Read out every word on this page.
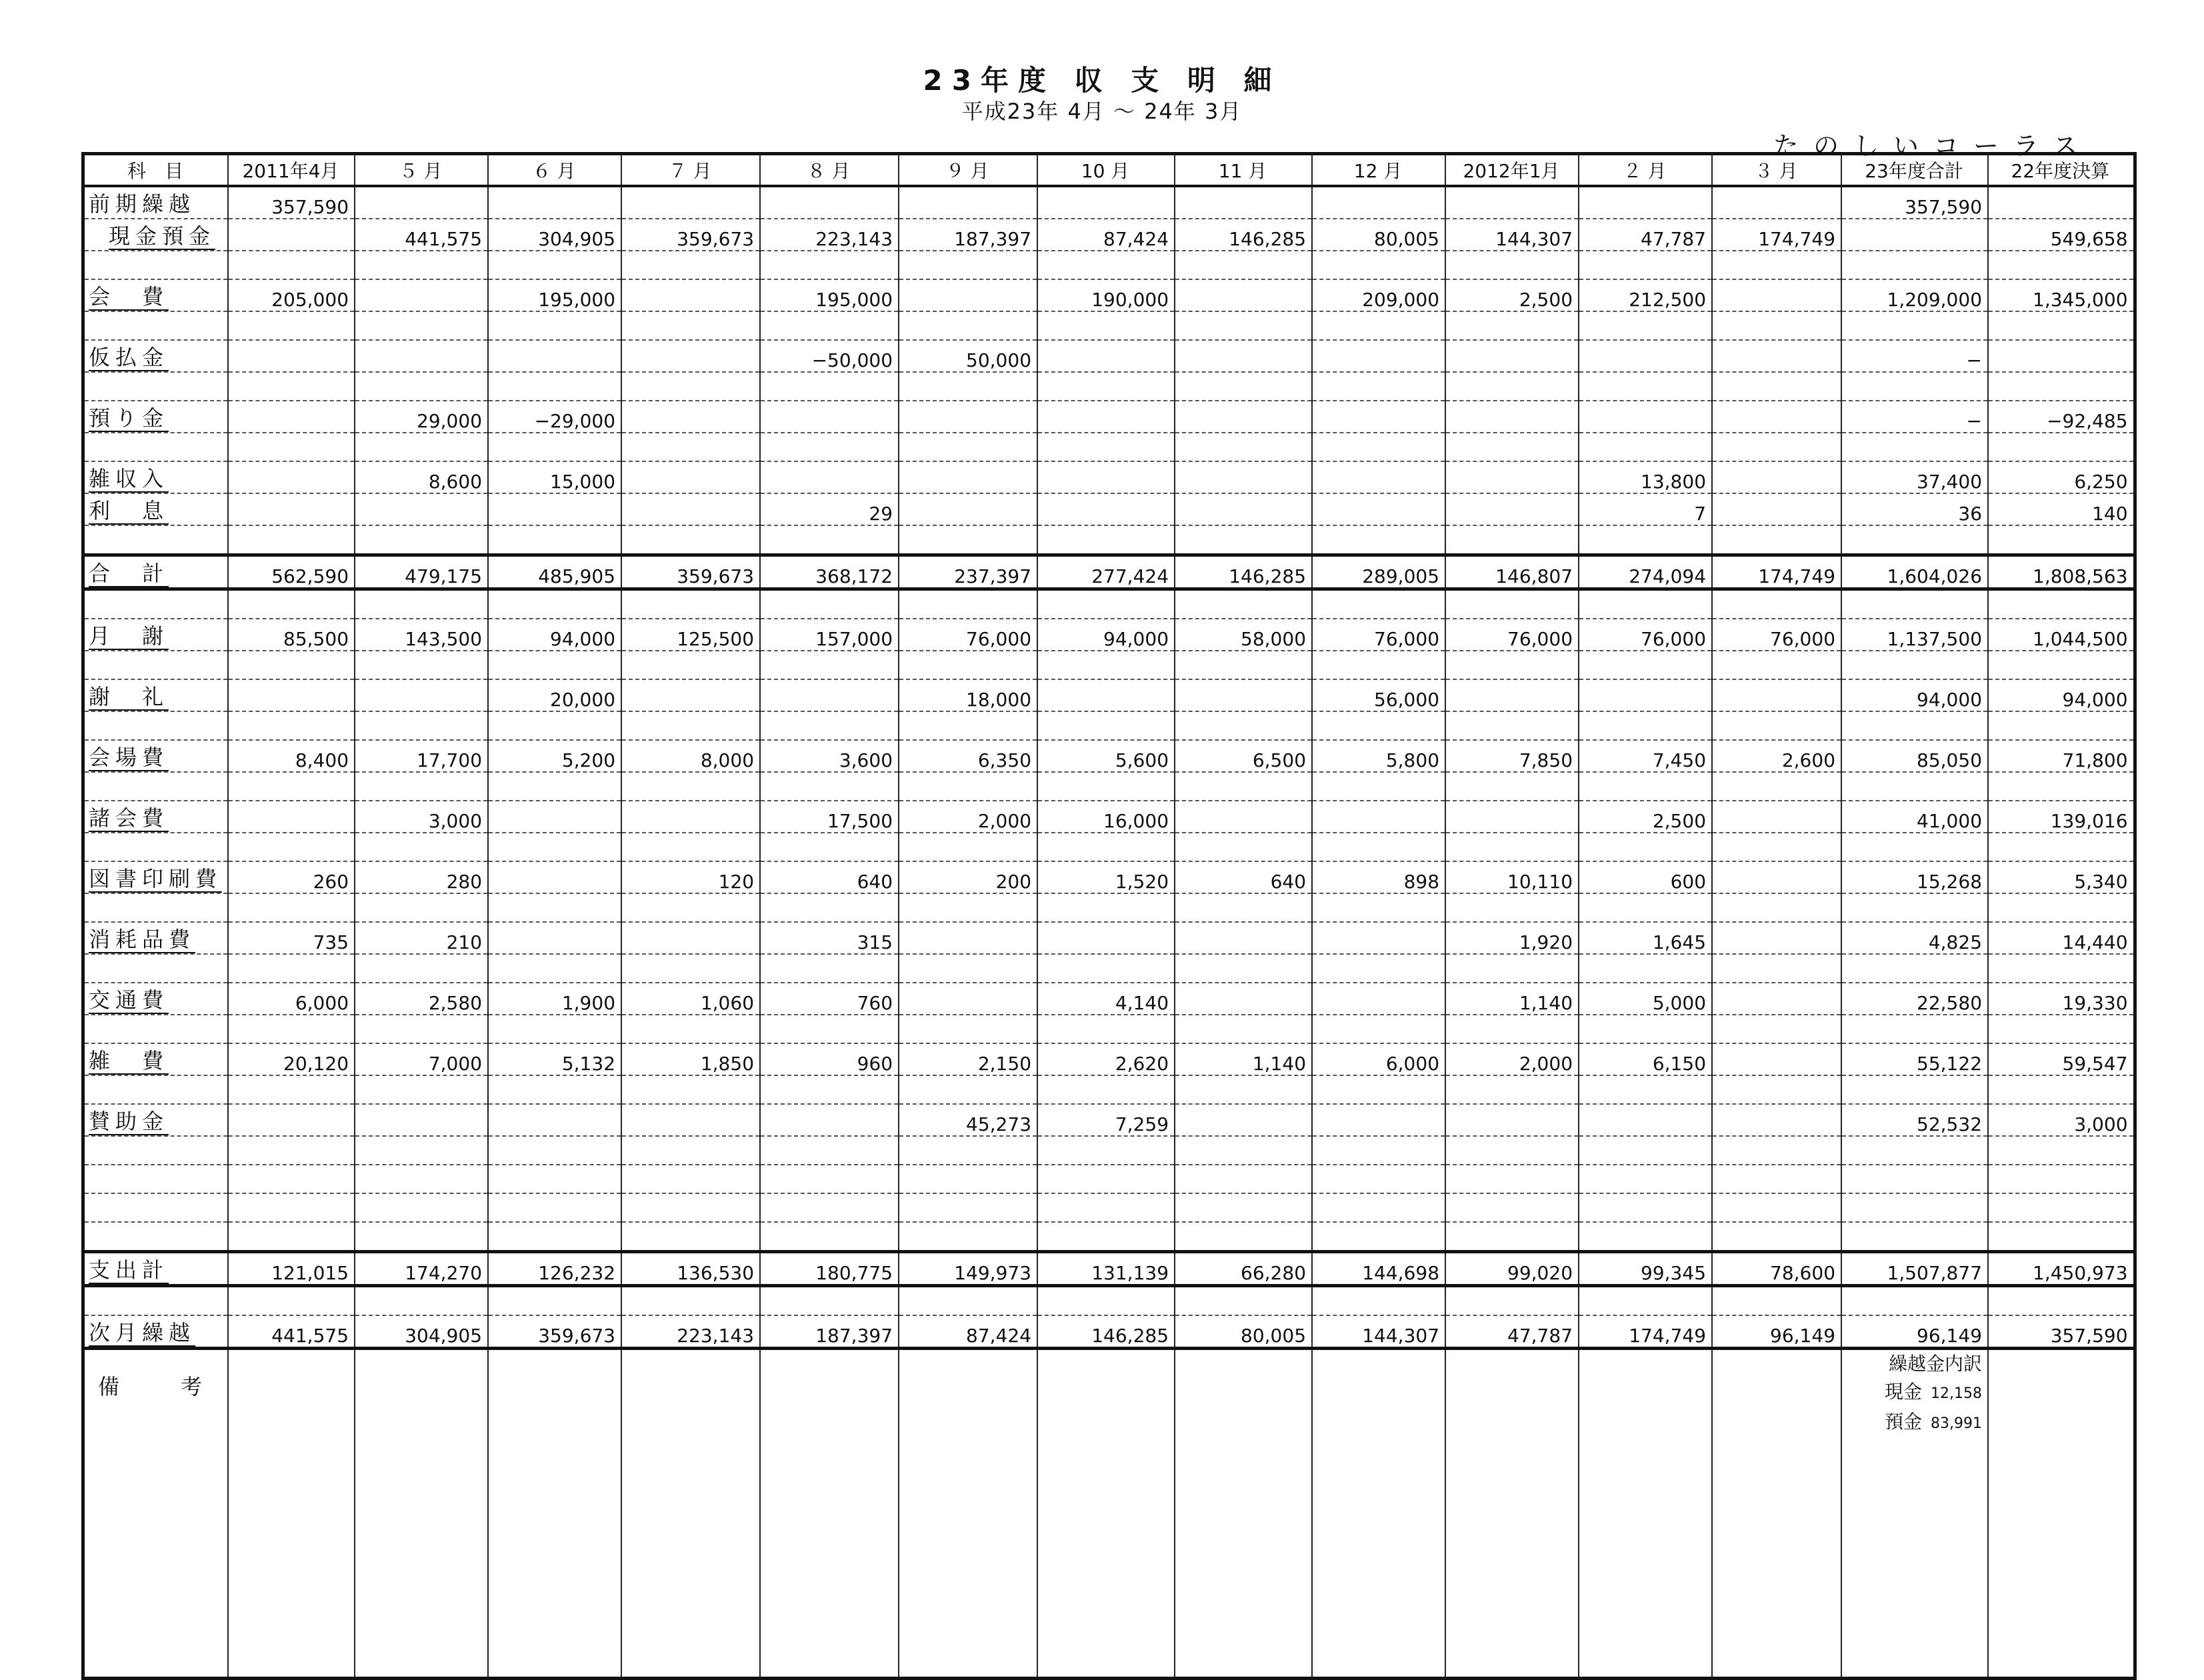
23年度 収 支 明 細
平成23年 4月 ～ 24年 3月
たのしいコーラス
科　目	2011年4月	５ 月	６ 月	７ 月	８ 月	９ 月	10 月	11 月	12 月	2012年1月	２ 月	３ 月	23年度合計	22年度決算
前期繰越	357,590												357,590	
現金預金		441,575	304,905	359,673	223,143	187,397	87,424	146,285	80,005	144,307	47,787	174,749		549,658

会　費	205,000		195,000		195,000		190,000		209,000	2,500	212,500		1,209,000	1,345,000

仮払金					−50,000	50,000							−	

預り金		29,000	−29,000										−	−92,485

雑収入		8,600	15,000								13,800		37,400	6,250
利　息					29						7		36	140

合　計	562,590	479,175	485,905	359,673	368,172	237,397	277,424	146,285	289,005	146,807	274,094	174,749	1,604,026	1,808,563

月　謝	85,500	143,500	94,000	125,500	157,000	76,000	94,000	58,000	76,000	76,000	76,000	76,000	1,137,500	1,044,500

謝　礼			20,000			18,000			56,000				94,000	94,000

会場費	8,400	17,700	5,200	8,000	3,600	6,350	5,600	6,500	5,800	7,850	7,450	2,600	85,050	71,800

諸会費		3,000			17,500	2,000	16,000				2,500		41,000	139,016

図書印刷費	260	280		120	640	200	1,520	640	898	10,110	600		15,268	5,340

消耗品費	735	210			315					1,920	1,645		4,825	14,440

交通費	6,000	2,580	1,900	1,060	760		4,140			1,140	5,000		22,580	19,330

雑　費	20,120	7,000	5,132	1,850	960	2,150	2,620	1,140	6,000	2,000	6,150		55,122	59,547

賛助金						45,273	7,259						52,532	3,000

支出計	121,015	174,270	126,232	136,530	180,775	149,973	131,139	66,280	144,698	99,020	99,345	78,600	1,507,877	1,450,973

次月繰越	441,575	304,905	359,673	223,143	187,397	87,424	146,285	80,005	144,307	47,787	174,749	96,149	96,149	357,590
備　考													繰越金内訳
現金 12,158
預金 83,991	
